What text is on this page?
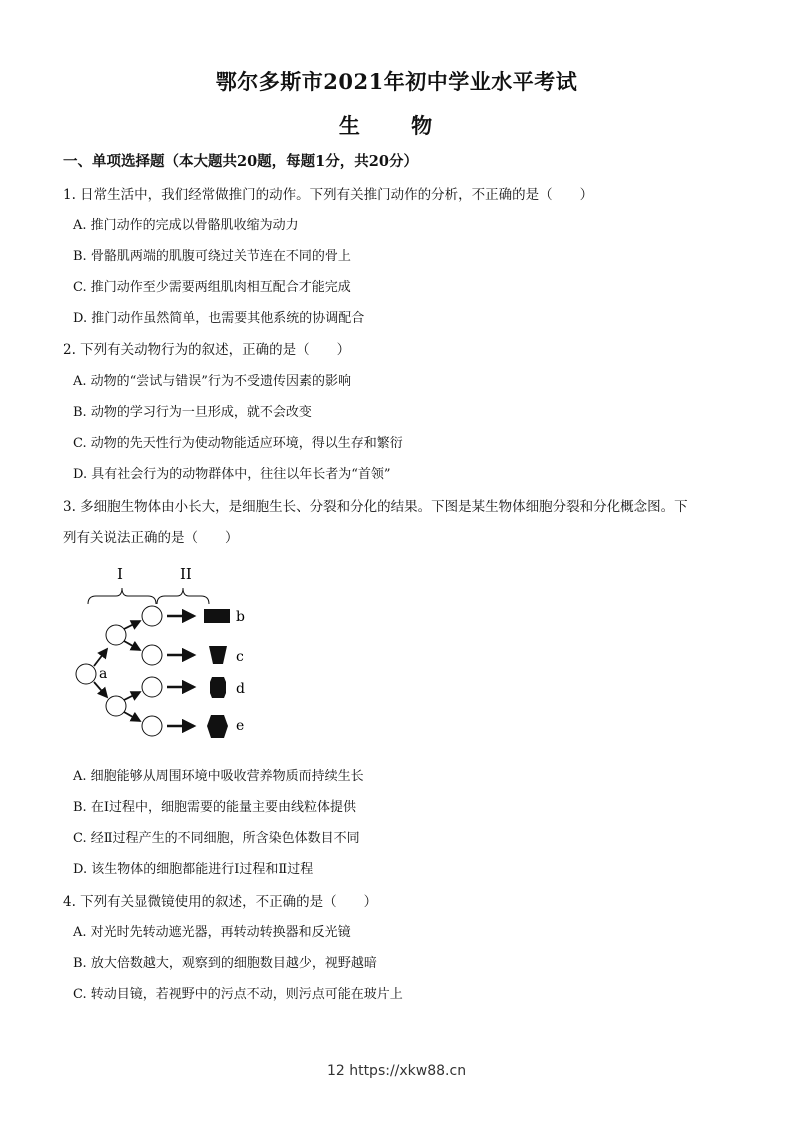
鄂尔多斯市2021年初中学业水平考试
生 物
一、单项选择题（本大题共20题，每题1分，共20分）
1. 日常生活中，我们经常做推门的动作。下列有关推门动作的分析，不正确的是（　　）
A. 推门动作的完成以骨骼肌收缩为动力
B. 骨骼肌两端的肌腹可绕过关节连在不同的骨上
C. 推门动作至少需要两组肌肉相互配合才能完成
D. 推门动作虽然简单，也需要其他系统的协调配合
2. 下列有关动物行为的叙述，正确的是（　　）
A. 动物的“尝试与错误”行为不受遗传因素的影响
B. 动物的学习行为一旦形成，就不会改变
C. 动物的先天性行为使动物能适应环境，得以生存和繁衍
D. 具有社会行为的动物群体中，往往以年长者为“首领”
3. 多细胞生物体由小长大，是细胞生长、分裂和分化的结果。下图是某生物体细胞分裂和分化概念图。下
列有关说法正确的是（　　）
I	II
a
b
c
d
e
A. 细胞能够从周围环境中吸收营养物质而持续生长
B. 在Ⅰ过程中，细胞需要的能量主要由线粒体提供
C. 经Ⅱ过程产生的不同细胞，所含染色体数目不同
D. 该生物体的细胞都能进行Ⅰ过程和Ⅱ过程
4. 下列有关显微镜使用的叙述，不正确的是（　　）
A. 对光时先转动遮光器，再转动转换器和反光镜
B. 放大倍数越大，观察到的细胞数目越少，视野越暗
C. 转动目镜，若视野中的污点不动，则污点可能在玻片上
12 https://xkw88.cn
